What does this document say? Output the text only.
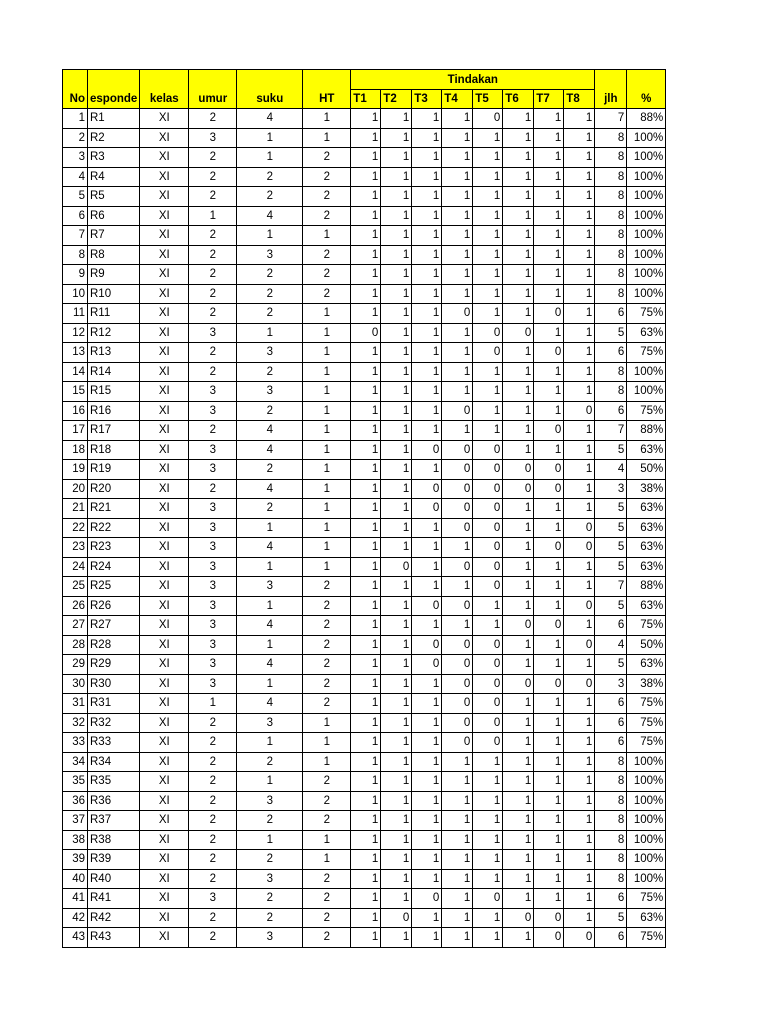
No	esponde	kelas	umur	suku	HT	Tindakan								jlh	%
						T1	T2	T3	T4	T5	T6	T7	T8		
1	R1	XI	2	4	1	1	1	1	1	0	1	1	1	7	88%
2	R2	XI	3	1	1	1	1	1	1	1	1	1	1	8	100%
3	R3	XI	2	1	2	1	1	1	1	1	1	1	1	8	100%
4	R4	XI	2	2	2	1	1	1	1	1	1	1	1	8	100%
5	R5	XI	2	2	2	1	1	1	1	1	1	1	1	8	100%
6	R6	XI	1	4	2	1	1	1	1	1	1	1	1	8	100%
7	R7	XI	2	1	1	1	1	1	1	1	1	1	1	8	100%
8	R8	XI	2	3	2	1	1	1	1	1	1	1	1	8	100%
9	R9	XI	2	2	2	1	1	1	1	1	1	1	1	8	100%
10	R10	XI	2	2	2	1	1	1	1	1	1	1	1	8	100%
11	R11	XI	2	2	1	1	1	1	0	1	1	0	1	6	75%
12	R12	XI	3	1	1	0	1	1	1	0	0	1	1	5	63%
13	R13	XI	2	3	1	1	1	1	1	0	1	0	1	6	75%
14	R14	XI	2	2	1	1	1	1	1	1	1	1	1	8	100%
15	R15	XI	3	3	1	1	1	1	1	1	1	1	1	8	100%
16	R16	XI	3	2	1	1	1	1	0	1	1	1	0	6	75%
17	R17	XI	2	4	1	1	1	1	1	1	1	0	1	7	88%
18	R18	XI	3	4	1	1	1	0	0	0	1	1	1	5	63%
19	R19	XI	3	2	1	1	1	1	0	0	0	0	1	4	50%
20	R20	XI	2	4	1	1	1	0	0	0	0	0	1	3	38%
21	R21	XI	3	2	1	1	1	0	0	0	1	1	1	5	63%
22	R22	XI	3	1	1	1	1	1	0	0	1	1	0	5	63%
23	R23	XI	3	4	1	1	1	1	1	0	1	0	0	5	63%
24	R24	XI	3	1	1	1	0	1	0	0	1	1	1	5	63%
25	R25	XI	3	3	2	1	1	1	1	0	1	1	1	7	88%
26	R26	XI	3	1	2	1	1	0	0	1	1	1	0	5	63%
27	R27	XI	3	4	2	1	1	1	1	1	0	0	1	6	75%
28	R28	XI	3	1	2	1	1	0	0	0	1	1	0	4	50%
29	R29	XI	3	4	2	1	1	0	0	0	1	1	1	5	63%
30	R30	XI	3	1	2	1	1	1	0	0	0	0	0	3	38%
31	R31	XI	1	4	2	1	1	1	0	0	1	1	1	6	75%
32	R32	XI	2	3	1	1	1	1	0	0	1	1	1	6	75%
33	R33	XI	2	1	1	1	1	1	0	0	1	1	1	6	75%
34	R34	XI	2	2	1	1	1	1	1	1	1	1	1	8	100%
35	R35	XI	2	1	2	1	1	1	1	1	1	1	1	8	100%
36	R36	XI	2	3	2	1	1	1	1	1	1	1	1	8	100%
37	R37	XI	2	2	2	1	1	1	1	1	1	1	1	8	100%
38	R38	XI	2	1	1	1	1	1	1	1	1	1	1	8	100%
39	R39	XI	2	2	1	1	1	1	1	1	1	1	1	8	100%
40	R40	XI	2	3	2	1	1	1	1	1	1	1	1	8	100%
41	R41	XI	3	2	2	1	1	0	1	0	1	1	1	6	75%
42	R42	XI	2	2	2	1	0	1	1	1	0	0	1	5	63%
43	R43	XI	2	3	2	1	1	1	1	1	1	0	0	6	75%
